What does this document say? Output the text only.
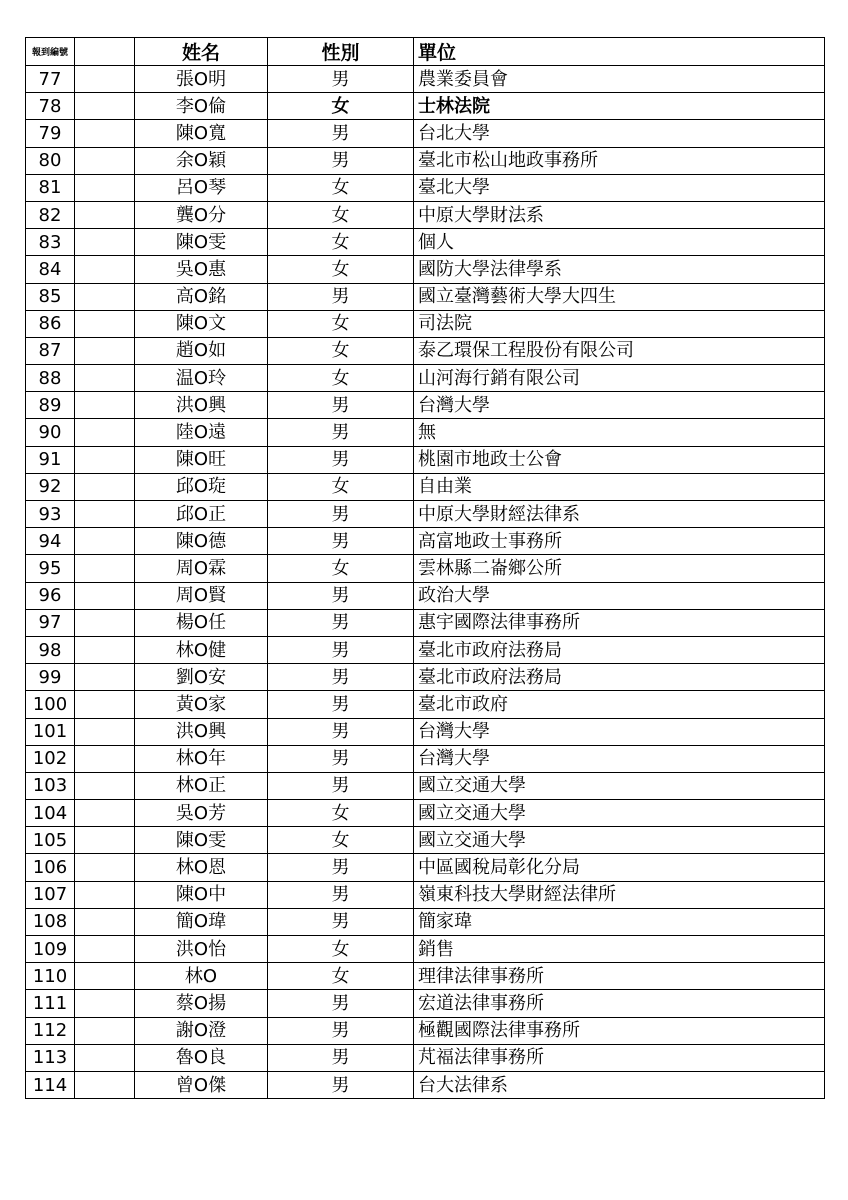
報到編號		姓名	性別	單位
77		張O明	男	農業委員會
78		李O倫	女	士林法院
79		陳O寬	男	台北大學
80		余O穎	男	臺北市松山地政事務所
81		呂O琴	女	臺北大學
82		龔O分	女	中原大學財法系
83		陳O雯	女	個人
84		吳O惠	女	國防大學法律學系
85		高O銘	男	國立臺灣藝術大學大四生
86		陳O文	女	司法院
87		趙O如	女	泰乙環保工程股份有限公司
88		温O玲	女	山河海行銷有限公司
89		洪O興	男	台灣大學
90		陸O遠	男	無
91		陳O旺	男	桃園市地政士公會
92		邱O琁	女	自由業
93		邱O正	男	中原大學財經法律系
94		陳O德	男	高富地政士事務所
95		周O霖	女	雲林縣二崙鄉公所
96		周O賢	男	政治大學
97		楊O任	男	惠宇國際法律事務所
98		林O健	男	臺北市政府法務局
99		劉O安	男	臺北市政府法務局
100		黃O家	男	臺北市政府
101		洪O興	男	台灣大學
102		林O年	男	台灣大學
103		林O正	男	國立交通大學
104		吳O芳	女	國立交通大學
105		陳O雯	女	國立交通大學
106		林O恩	男	中區國稅局彰化分局
107		陳O中	男	嶺東科技大學財經法律所
108		簡O瑋	男	簡家瑋
109		洪O怡	女	銷售
110		林O	女	理律法律事務所
111		蔡O揚	男	宏道法律事務所
112		謝O澄	男	極觀國際法律事務所
113		魯O良	男	芃福法律事務所
114		曾O傑	男	台大法律系
